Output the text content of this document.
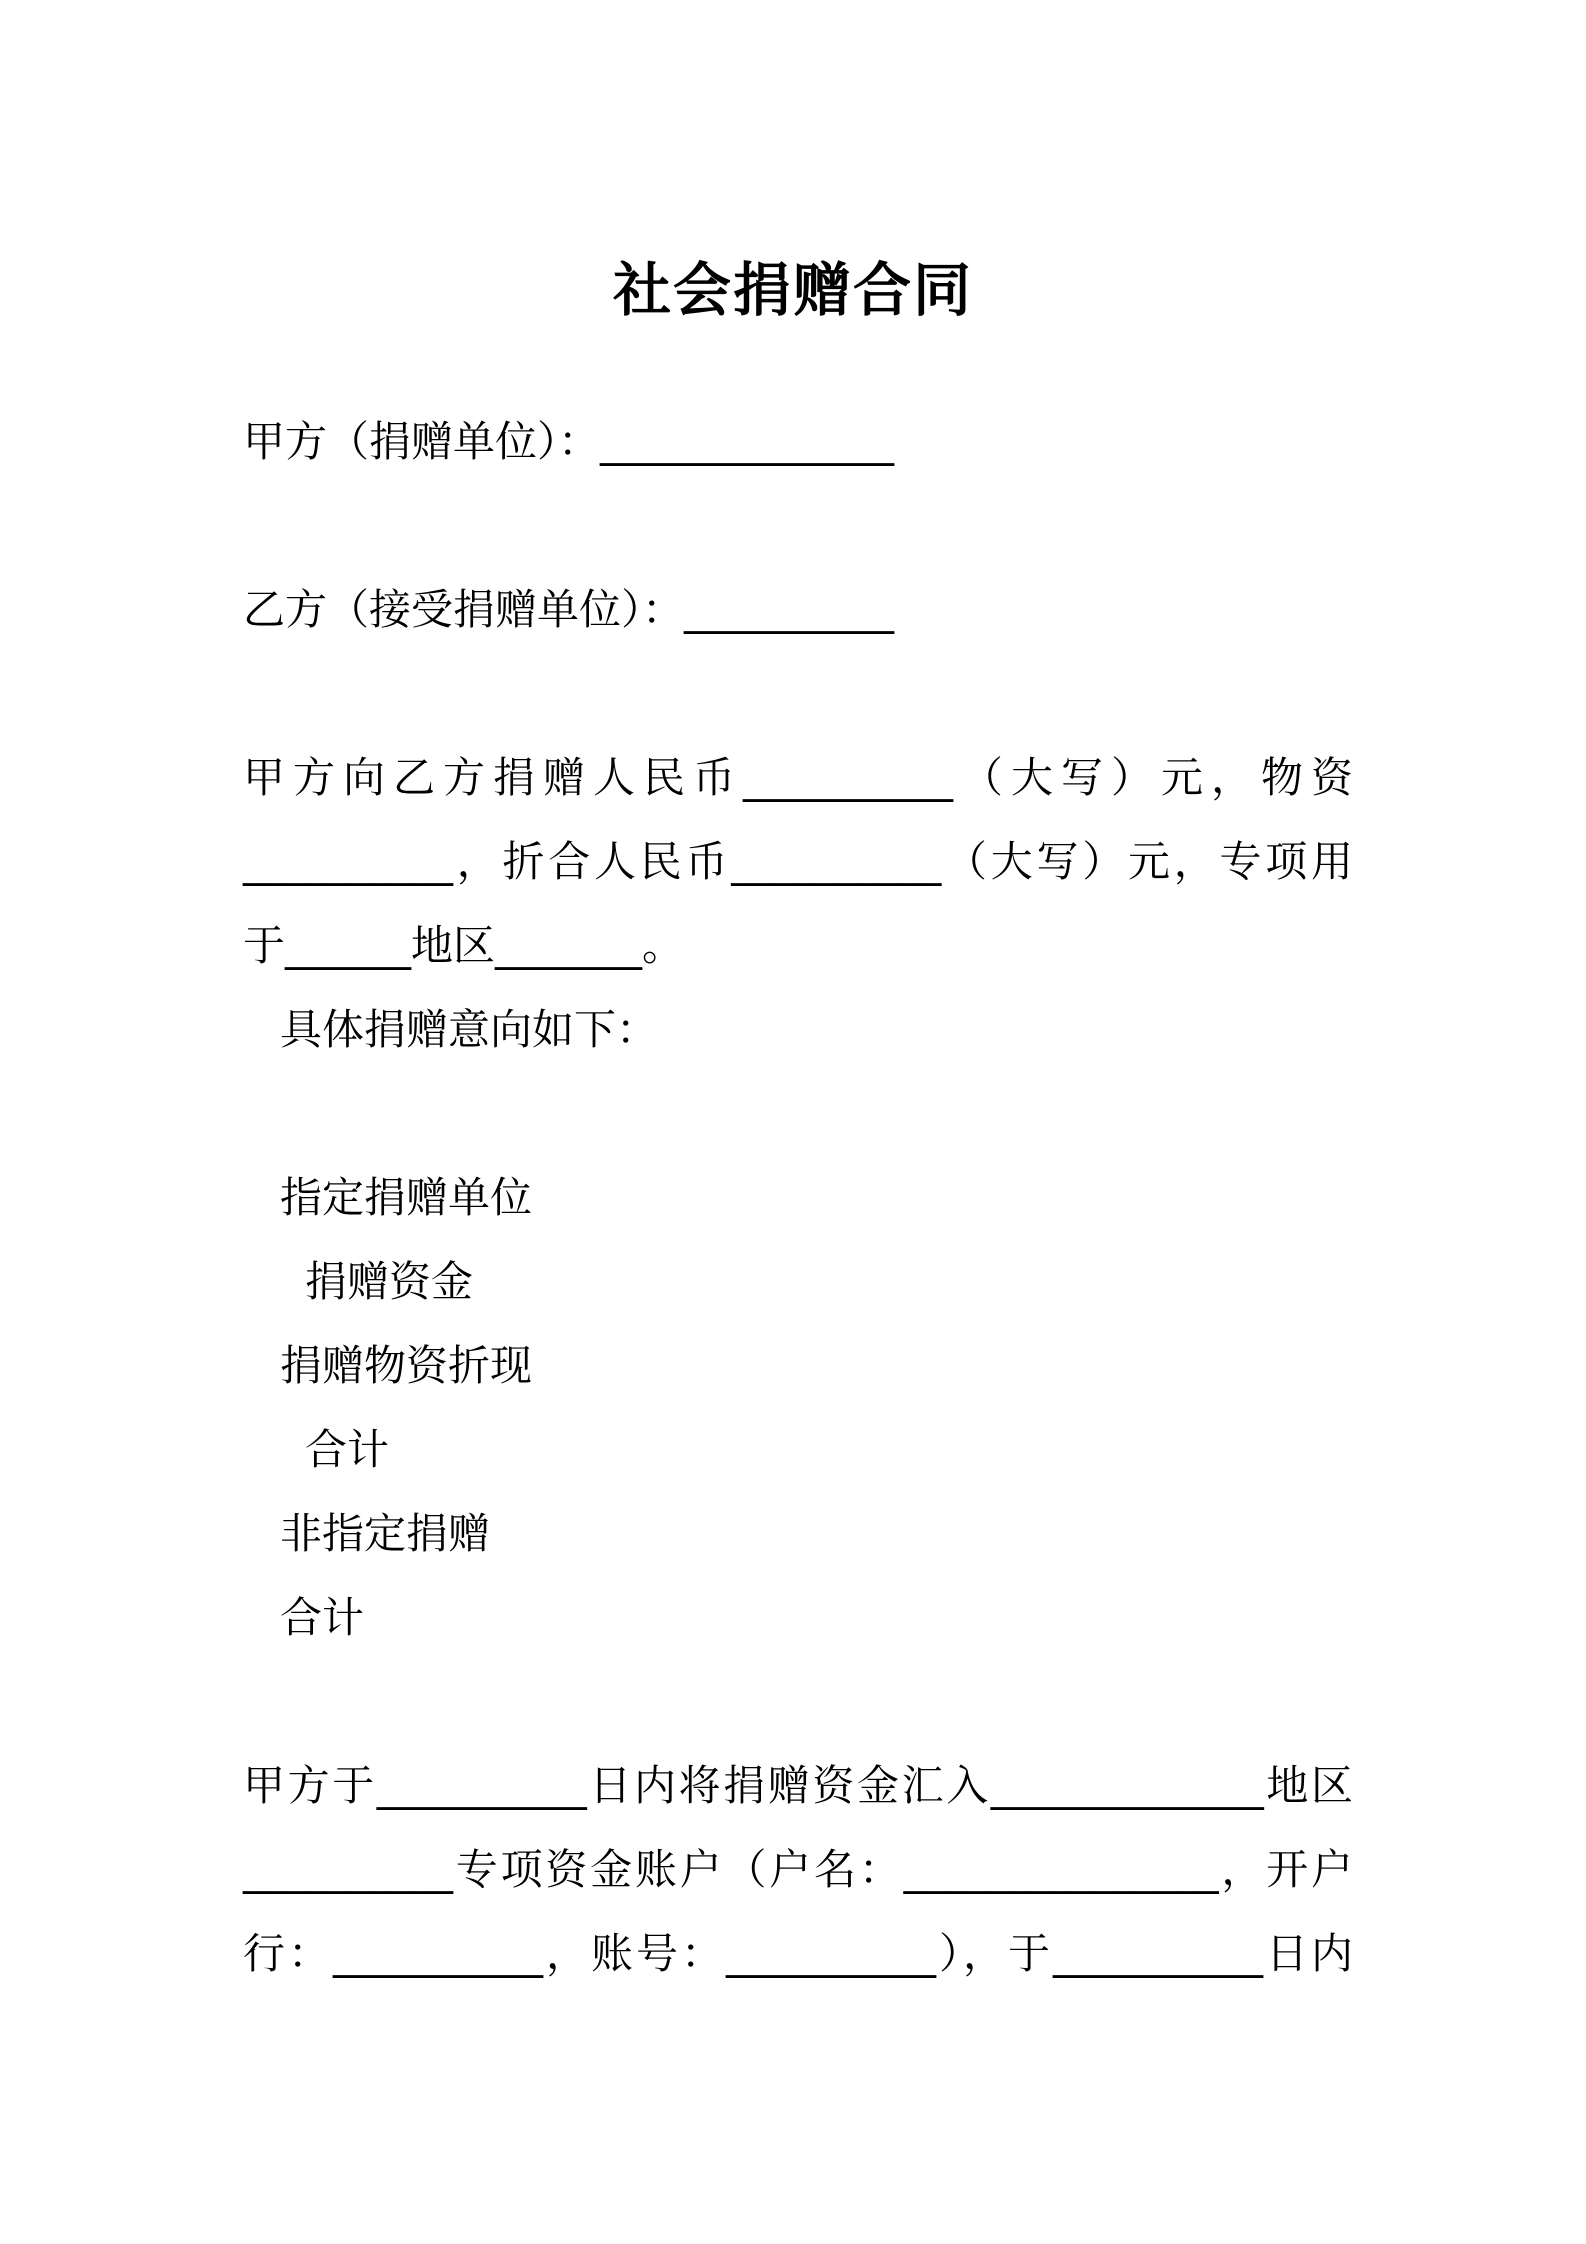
社会捐赠合同
甲方（捐赠单位）：______________
乙方（接受捐赠单位）：__________
甲方向乙方捐赠人民币__________（大写）元，物资
__________，折合人民币__________（大写）元，专项用
于______地区_______。
具体捐赠意向如下：
指定捐赠单位
捐赠资金
捐赠物资折现
合计
非指定捐赠
合计
甲方于__________日内将捐赠资金汇入_____________地区
__________专项资金账户（户名：_______________，开户
行：__________，账号：__________），于__________日内
